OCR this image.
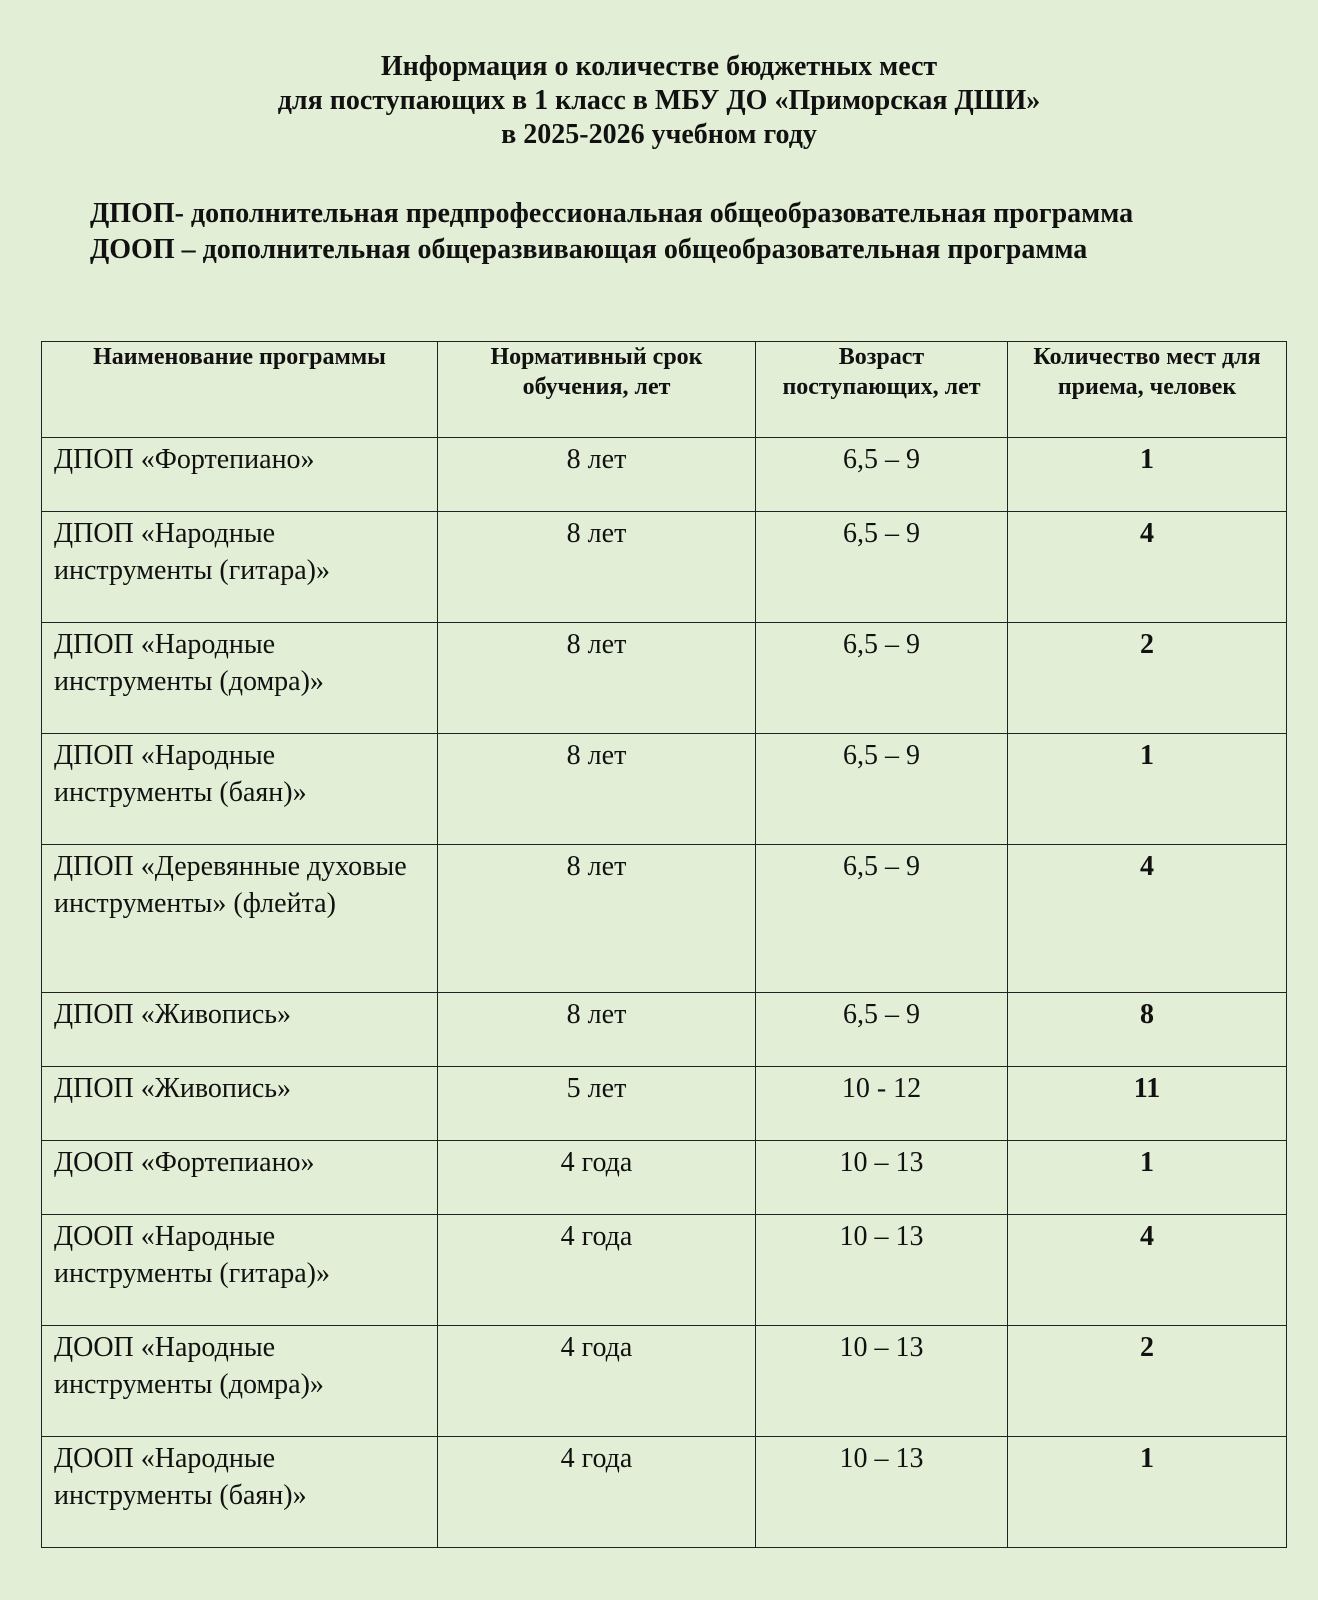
Информация о количестве бюджетных мест
для поступающих в 1 класс в МБУ ДО «Приморская ДШИ»
в 2025-2026 учебном году
ДПОП- дополнительная предпрофессиональная общеобразовательная программа
ДООП – дополнительная общеразвивающая общеобразовательная программа
Наименование программы	Нормативный срок обучения, лет	Возраст поступающих, лет	Количество мест для приема, человек
ДПОП «Фортепиано»	8 лет	6,5 – 9	1
ДПОП «Народные инструменты (гитара)»	8 лет	6,5 – 9	4
ДПОП «Народные инструменты (домра)»	8 лет	6,5 – 9	2
ДПОП «Народные инструменты (баян)»	8 лет	6,5 – 9	1
ДПОП «Деревянные духовые инструменты» (флейта)	8 лет	6,5 – 9	4
ДПОП «Живопись»	8 лет	6,5 – 9	8
ДПОП «Живопись»	5 лет	10 - 12	11
ДООП «Фортепиано»	4 года	10 – 13	1
ДООП «Народные инструменты (гитара)»	4 года	10 – 13	4
ДООП «Народные инструменты (домра)»	4 года	10 – 13	2
ДООП «Народные инструменты (баян)»	4 года	10 – 13	1
